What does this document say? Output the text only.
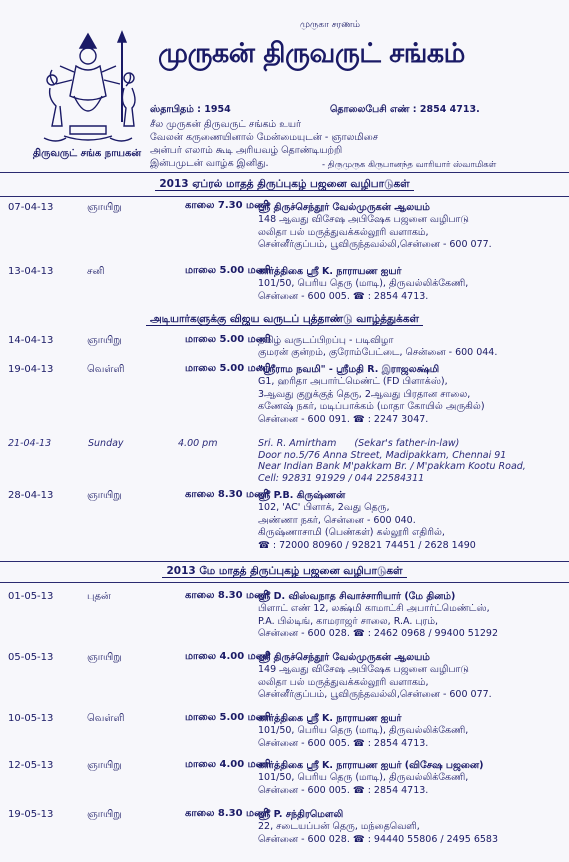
திருவருட் சங்க நாயகன்
முருகா சரணம்
முருகன் திருவருட் சங்கம்
ஸ்தாபிதம் : 1954	தொலைபேசி எண் : 2854 4713.
சீல முருகன் திருவருட் சங்கம் உயர்
வேலன் கருணையினால் மேன்மையுடன் - ஞாலமிசை
அன்பர் எலாம் கூடி அரியவழ் தொண்டியற்றி
இன்பமுடன் வாழ்க இனிது.	- திருமுருக கிருபானந்த வாரியார் ஸ்வாமிகள்
2013 ஏப்ரல் மாதத் திருப்புகழ் பஜனை வழிபாடுகள்
07-04-13	ஞாயிறு	காலை 7.30 மணி
ஸ்ரீ திருச்செந்தூர் வேல்முருகன் ஆலயம்
148 ஆவது விசேஷ அபிஷேக பஜனை வழிபாடு
லலிதா பல் மருத்துவக்கல்லூரி வளாகம்,
சென்னீர்குப்பம், பூவிருந்தவல்லி,சென்னை - 600 077.
13-04-13	சனி	மாலை 5.00 மணி
கார்த்திகை ஸ்ரீ K. நாராயண ஐயர்
101/50, பெரிய தெரு (மாடி), திருவல்லிக்கேணி,
சென்னை - 600 005. ☎ : 2854 4713.
அடியார்களுக்கு விஜய வருடப் புத்தாண்டு வாழ்த்துக்கள்
14-04-13	ஞாயிறு	மாலை 5.00 மணி
தமிழ் வருடப்பிறப்பு - படிவிழா
குமரன் குன்றம், குரோம்பேட்டை, சென்னை - 600 044.
19-04-13	வெள்ளி	மாலை 5.00 மணி
"ஸ்ரீராம நவமி" - ஸ்ரீமதி R. இராஜலக்ஷ்மி
G1, ஹரிதா அபார்ட்மெண்ட் (FD பிளாக்ஸ்),
3ஆவது குறுக்குத் தெரு, 2ஆவது பிரதான சாலை,
கணேஷ் நகர், மடிப்பாக்கம் (மாதா கோயில் அருகில்)
சென்னை - 600 091. ☎ : 2247 3047.
21-04-13	Sunday	4.00 pm	Sri. R. Amirtham (Sekar's father-in-law)
Door no.5/76 Anna Street, Madipakkam, Chennai 91
Near Indian Bank M'pakkam Br. / M'pakkam Kootu Road,
Cell: 92831 91929 / 044 22584311
28-04-13	ஞாயிறு	காலை 8.30 மணி
ஸ்ரீ P.B. கிருஷ்ணன்
102, 'AC' பிளாக், 2வது தெரு,
அண்ணா நகர், சென்னை - 600 040.
கிருஷ்ணாசாமி (பெண்கள்) கல்லூரி எதிரில்,
☎ : 72000 80960 / 92821 74451 / 2628 1490
2013 மே மாதத் திருப்புகழ் பஜனை வழிபாடுகள்
01-05-13	புதன்	காலை 8.30 மணி
ஸ்ரீ D. விஸ்வநாத சிவாச்சாரியார் (மே தினம்)
பிளாட் எண் 12, லக்ஷ்மி காமாட்சி அபார்ட்மெண்ட்ஸ்,
P.A. பில்டிங், காமராஜர் சாலை, R.A. புரம்,
சென்னை - 600 028. ☎ : 2462 0968 / 99400 51292
05-05-13	ஞாயிறு	மாலை 4.00 மணி
ஸ்ரீ திருச்செந்தூர் வேல்முருகன் ஆலயம்
149 ஆவது விசேஷ அபிஷேக பஜனை வழிபாடு
லலிதா பல் மருத்துவக்கல்லூரி வளாகம்,
சென்னீர்குப்பம், பூவிருந்தவல்லி,சென்னை - 600 077.
10-05-13	வெள்ளி	மாலை 5.00 மணி
கார்த்திகை ஸ்ரீ K. நாராயண ஐயர்
101/50, பெரிய தெரு (மாடி), திருவல்லிக்கேணி,
சென்னை - 600 005. ☎ : 2854 4713.
12-05-13	ஞாயிறு	மாலை 4.00 மணி
கார்த்திகை ஸ்ரீ K. நாராயண ஐயர் (விசேஷ பஜனை)
101/50, பெரிய தெரு (மாடி), திருவல்லிக்கேணி,
சென்னை - 600 005. ☎ : 2854 4713.
19-05-13	ஞாயிறு	காலை 8.30 மணி
ஸ்ரீ P. சந்திரமௌலி
22, சடையப்பன் தெரு, மந்தைவெளி,
சென்னை - 600 028. ☎ : 94440 55806 / 2495 6583
